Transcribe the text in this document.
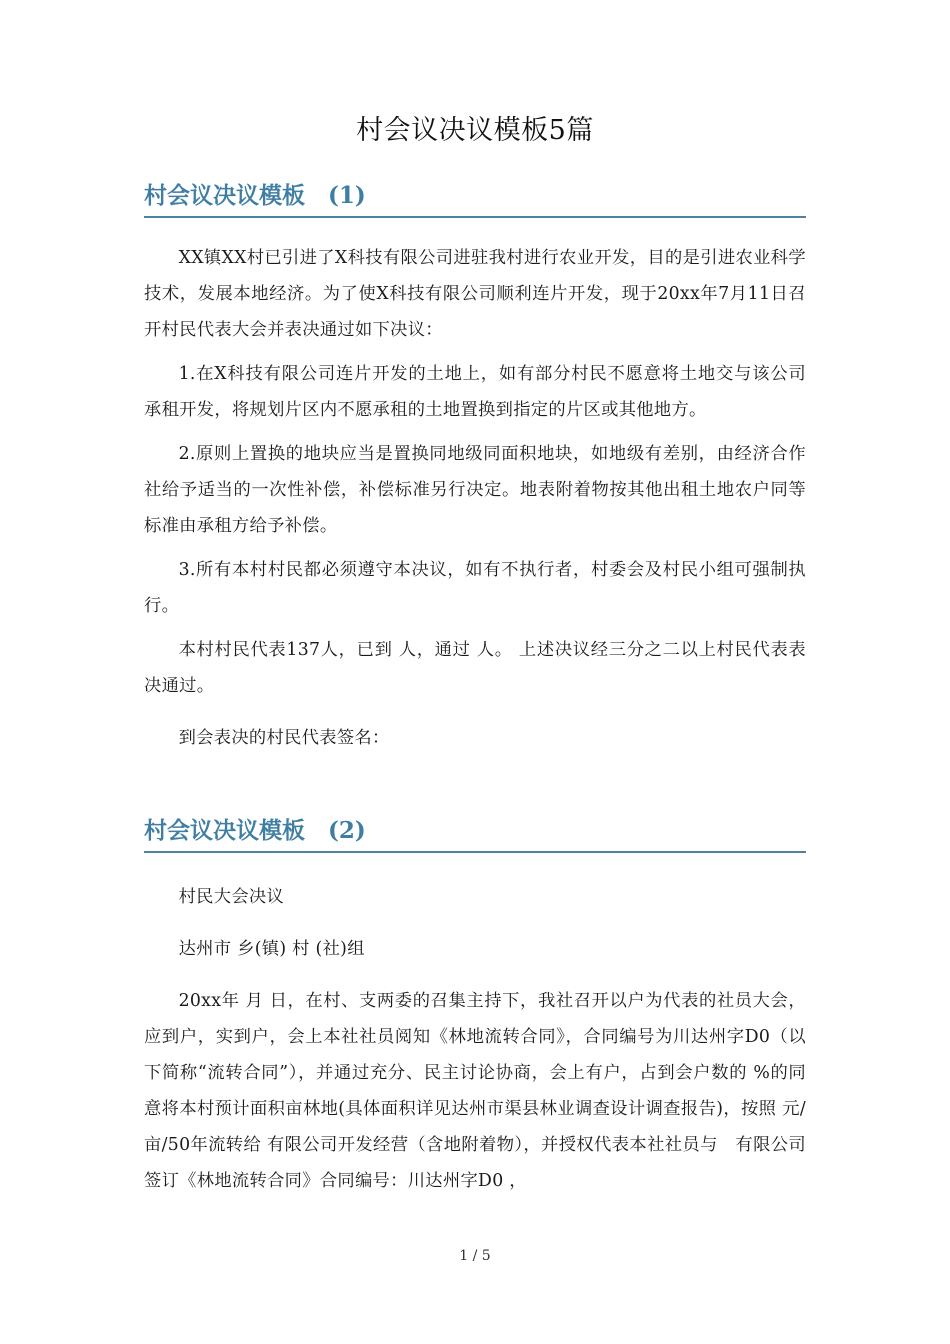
村会议决议模板5篇
村会议决议模板　(1)

XX镇XX村已引进了X科技有限公司进驻我村进行农业开发，目的是引进农业科学技术，发展本地经济。为了使X科技有限公司顺利连片开发，现于20xx年7月11日召开村民代表大会并表决通过如下决议：

1.在X科技有限公司连片开发的土地上，如有部分村民不愿意将土地交与该公司承租开发，将规划片区内不愿承租的土地置换到指定的片区或其他地方。

2.原则上置换的地块应当是置换同地级同面积地块，如地级有差别，由经济合作社给予适当的一次性补偿，补偿标准另行决定。地表附着物按其他出租土地农户同等标准由承租方给予补偿。

3.所有本村村民都必须遵守本决议，如有不执行者，村委会及村民小组可强制执行。

本村村民代表137人，已到 人，通过 人。 上述决议经三分之二以上村民代表表决通过。

到会表决的村民代表签名：

村会议决议模板　(2)

村民大会决议

达州市 乡(镇) 村 (社)组

20xx年 月 日，在村、支两委的召集主持下，我社召开以户为代表的社员大会，应到户，实到户，会上本社社员阅知《林地流转合同》，合同编号为川达州字D0（以下简称“流转合同”），并通过充分、民主讨论协商，会上有户，占到会户数的 %的同意将本村预计面积亩林地(具体面积详见达州市渠县林业调查设计调查报告)，按照 元/亩/50年流转给 有限公司开发经营（含地附着物），并授权代表本社社员与　有限公司签订《林地流转合同》合同编号：川达州字D0 ，

1 / 5
